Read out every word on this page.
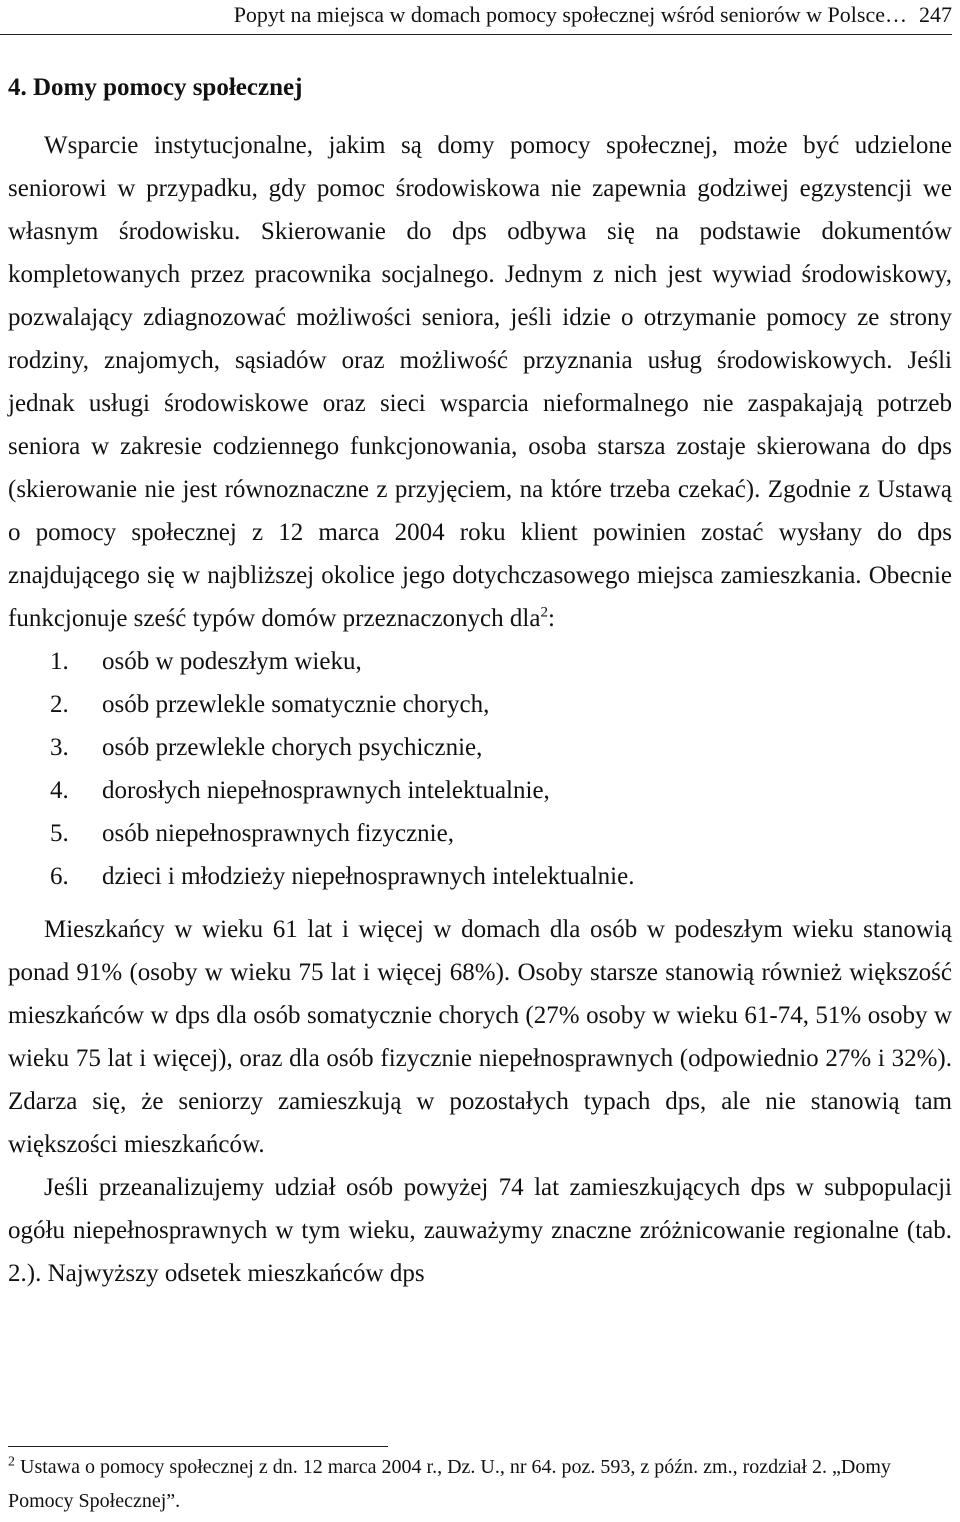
Popyt na miejsca w domach pomocy społecznej wśród seniorów w Polsce… 247
4. Domy pomocy społecznej

Wsparcie instytucjonalne, jakim są domy pomocy społecznej, może być udzielone seniorowi w przypadku, gdy pomoc środowiskowa nie zapewnia godziwej egzystencji we własnym środowisku. Skierowanie do dps odbywa się na podstawie dokumentów kompletowanych przez pracownika socjalnego. Jednym z nich jest wywiad środowiskowy, pozwalający zdiagnozować możliwości seniora, jeśli idzie o otrzymanie pomocy ze strony rodziny, znajomych, sąsiadów oraz możliwość przyznania usług środowiskowych. Jeśli jednak usługi środowiskowe oraz sieci wsparcia nieformalnego nie zaspakajają potrzeb seniora w zakresie codziennego funkcjonowania, osoba starsza zostaje skierowana do dps (skierowanie nie jest równoznaczne z przyjęciem, na które trzeba czekać). Zgodnie z Ustawą o pomocy społecznej z 12 marca 2004 roku klient powinien zostać wysłany do dps znajdującego się w najbliższej okolice jego dotychczasowego miejsca zamieszkania. Obecnie funkcjonuje sześć typów domów przeznaczonych dla$^2$:

1.	osób w podeszłym wieku,
2.	osób przewlekle somatycznie chorych,
3.	osób przewlekle chorych psychicznie,
4.	dorosłych niepełnosprawnych intelektualnie,
5.	osób niepełnosprawnych fizycznie,
6.	dzieci i młodzieży niepełnosprawnych intelektualnie.

Mieszkańcy w wieku 61 lat i więcej w domach dla osób w podeszłym wieku stanowią ponad 91% (osoby w wieku 75 lat i więcej 68%). Osoby starsze stanowią również większość mieszkańców w dps dla osób somatycznie chorych (27% osoby w wieku 61-74, 51% osoby w wieku 75 lat i więcej), oraz dla osób fizycznie niepełnosprawnych (odpowiednio 27% i 32%). Zdarza się, że seniorzy zamieszkują w pozostałych typach dps, ale nie stanowią tam większości mieszkańców.

Jeśli przeanalizujemy udział osób powyżej 74 lat zamieszkujących dps w subpopulacji ogółu niepełnosprawnych w tym wieku, zauważymy znaczne zróżnicowanie regionalne (tab. 2.). Najwyższy odsetek mieszkańców dps

$^2$ Ustawa o pomocy społecznej z dn. 12 marca 2004 r., Dz. U., nr 64. poz. 593, z późn. zm., rozdział 2. „Domy Pomocy Społecznej”.
